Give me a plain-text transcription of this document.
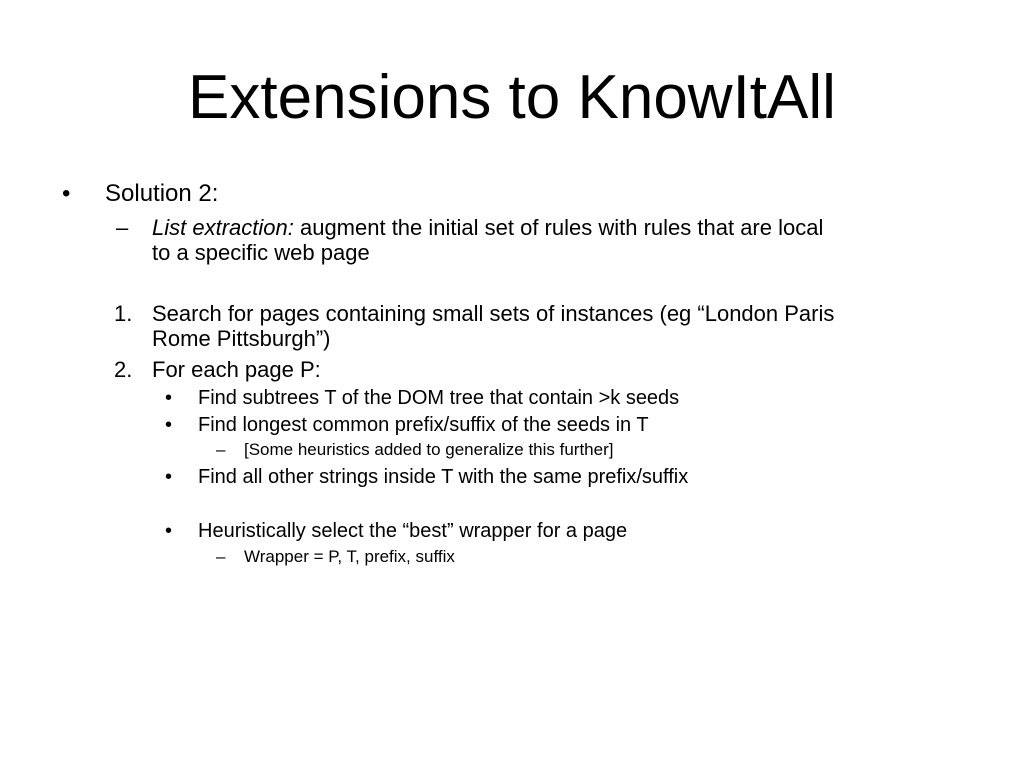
Extensions to KnowItAll
• Solution 2:
– List extraction: augment the initial set of rules with rules that are local
to a specific web page
1. Search for pages containing small sets of instances (eg “London Paris
Rome Pittsburgh”)
2. For each page P:
• Find subtrees T of the DOM tree that contain >k seeds
• Find longest common prefix/suffix of the seeds in T
– [Some heuristics added to generalize this further]
• Find all other strings inside T with the same prefix/suffix
• Heuristically select the “best” wrapper for a page
– Wrapper = P, T, prefix, suffix
